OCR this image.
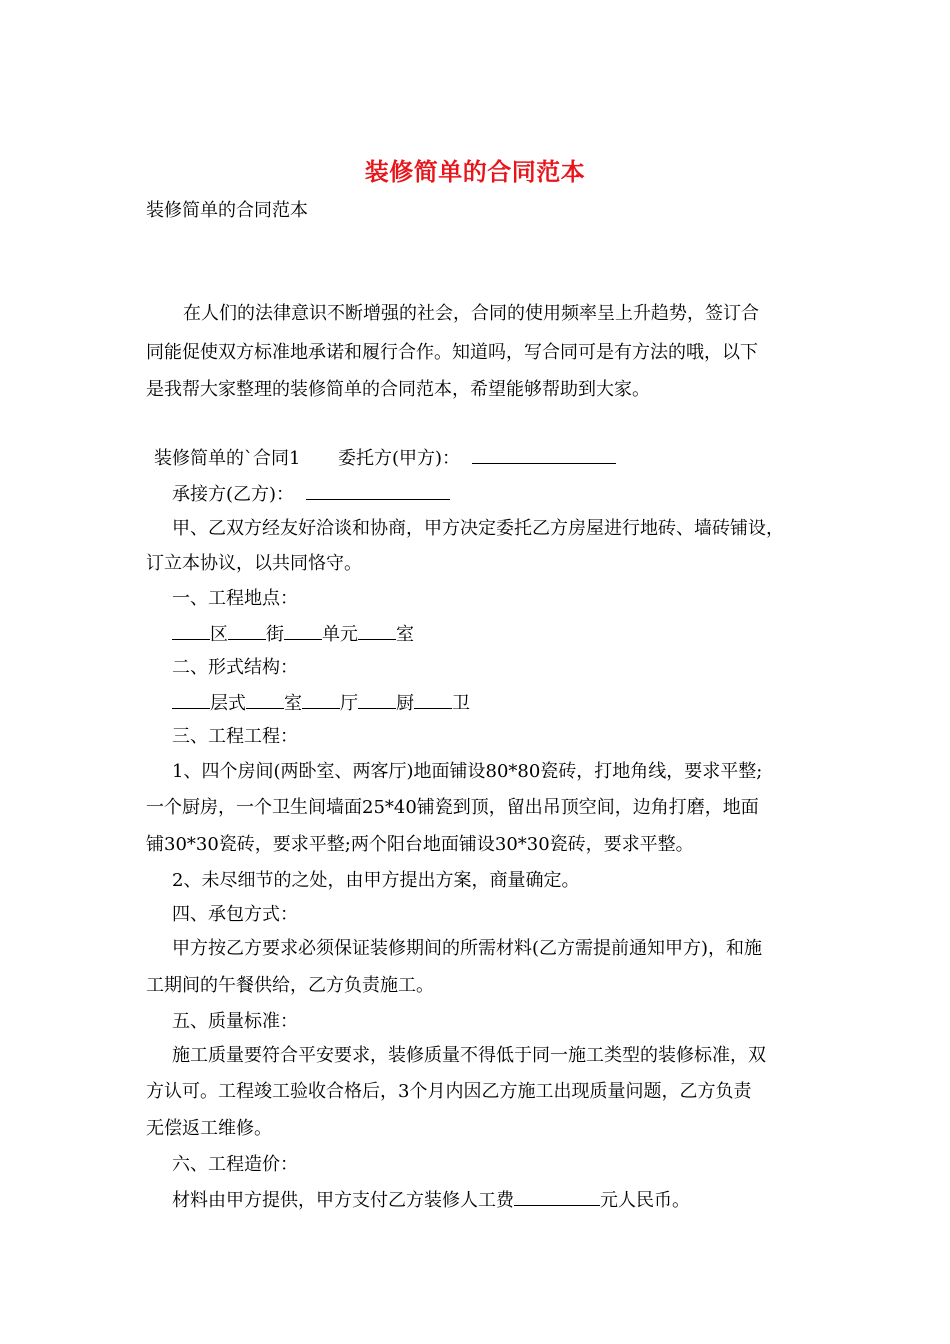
装修简单的合同范本
装修简单的合同范本
在人们的法律意识不断增强的社会，合同的使用频率呈上升趋势，签订合
同能促使双方标准地承诺和履行合作。知道吗，写合同可是有方法的哦，以下
是我帮大家整理的装修简单的合同范本，希望能够帮助到大家。
装修简单的`合同1 委托方(甲方)：
承接方(乙方)：
甲、乙双方经友好洽谈和协商，甲方决定委托乙方房屋进行地砖、墙砖铺设，
订立本协议，以共同恪守。
一、工程地点：
区 街 单元 室
二、形式结构：
层式 室 厅 厨 卫
三、工程工程：
1、四个房间(两卧室、两客厅)地面铺设80*80瓷砖，打地角线，要求平整;
一个厨房，一个卫生间墙面25*40铺瓷到顶，留出吊顶空间，边角打磨，地面
铺30*30瓷砖，要求平整;两个阳台地面铺设30*30瓷砖，要求平整。
2、未尽细节的之处，由甲方提出方案，商量确定。
四、承包方式：
甲方按乙方要求必须保证装修期间的所需材料(乙方需提前通知甲方)，和施
工期间的午餐供给，乙方负责施工。
五、质量标准：
施工质量要符合平安要求，装修质量不得低于同一施工类型的装修标准，双
方认可。工程竣工验收合格后，3个月内因乙方施工出现质量问题，乙方负责
无偿返工维修。
六、工程造价：
材料由甲方提供，甲方支付乙方装修人工费	元人民币。
